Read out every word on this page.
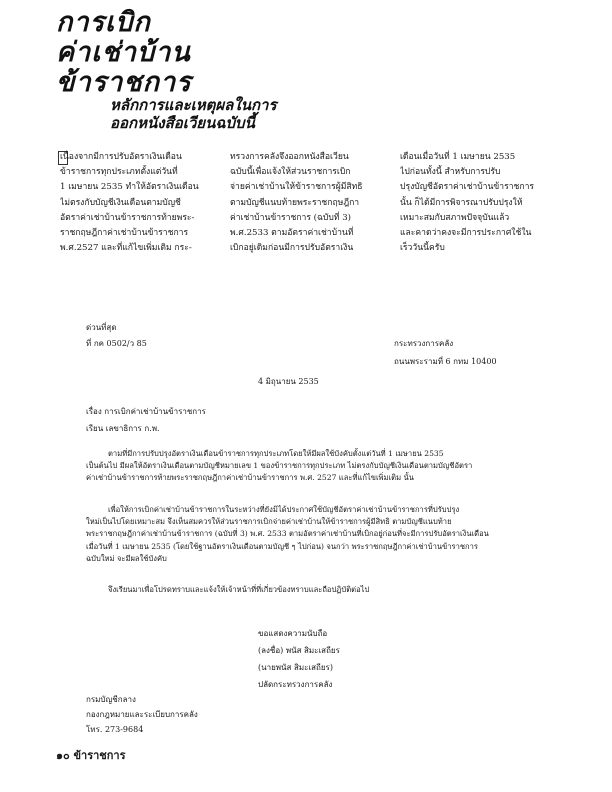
การเบิก
ค่าเช่าบ้าน
ข้าราชการ
หลักการและเหตุผลในการ
ออกหนังสือเวียนฉบับนี้
เนื่องจากมีการปรับอัตราเงินเดือน
ข้าราชการทุกประเภทตั้งแต่วันที่
1 เมษายน 2535 ทำให้อัตราเงินเดือน
ไม่ตรงกับบัญชีเงินเดือนตามบัญชี
อัตราค่าเช่าบ้านข้าราชการท้ายพระ-
ราชกฤษฎีกาค่าเช่าบ้านข้าราชการ
พ.ศ.2527 และที่แก้ไขเพิ่มเติม กระ-
ทรวงการคลังจึงออกหนังสือเวียน
ฉบับนี้เพื่อแจ้งให้ส่วนราชการเบิก
จ่ายค่าเช่าบ้านให้ข้าราชการผู้มีสิทธิ
ตามบัญชีแนบท้ายพระราชกฤษฎีกา
ค่าเช่าบ้านข้าราชการ (ฉบับที่ 3)
พ.ศ.2533 ตามอัตราค่าเช่าบ้านที่
เบิกอยู่เดิมก่อนมีการปรับอัตราเงิน
เดือนเมื่อวันที่ 1 เมษายน 2535
ไปก่อนทั้งนี้ สำหรับการปรับ
ปรุงบัญชีอัตราค่าเช่าบ้านข้าราชการ
นั้น ก็ได้มีการพิจารณาปรับปรุงให้
เหมาะสมกับสภาพปัจจุบันแล้ว
และคาดว่าคงจะมีการประกาศใช้ใน
เร็ววันนี้ครับ
ด่วนที่สุด
ที่ กค 0502/ว 85	กระทรวงการคลัง
ถนนพระรามที่ 6 กทม 10400
4 มิถุนายน 2535
เรื่อง การเบิกค่าเช่าบ้านข้าราชการ
เรียน เลขาธิการ ก.พ.
ตามที่มีการปรับปรุงอัตราเงินเดือนข้าราชการทุกประเภทโดยให้มีผลใช้บังคับตั้งแต่วันที่ 1 เมษายน 2535
เป็นต้นไป มีผลให้อัตราเงินเดือนตามบัญชีหมายเลข 1 ของข้าราชการทุกประเภท ไม่ตรงกับบัญชีเงินเดือนตามบัญชีอัตรา
ค่าเช่าบ้านข้าราชการท้ายพระราชกฤษฎีกาค่าเช่าบ้านข้าราชการ พ.ศ. 2527 และที่แก้ไขเพิ่มเติม นั้น
เพื่อให้การเบิกค่าเช่าบ้านข้าราชการในระหว่างที่ยังมิได้ประกาศใช้บัญชีอัตราค่าเช่าบ้านข้าราชการที่ปรับปรุง
ใหม่เป็นไปโดยเหมาะสม จึงเห็นสมควรให้ส่วนราชการเบิกจ่ายค่าเช่าบ้านให้ข้าราชการผู้มีสิทธิ ตามบัญชีแนบท้าย
พระราชกฤษฎีกาค่าเช่าบ้านข้าราชการ (ฉบับที่ 3) พ.ศ. 2533 ตามอัตราค่าเช่าบ้านที่เบิกอยู่ก่อนที่จะมีการปรับอัตราเงินเดือน
เมื่อวันที่ 1 เมษายน 2535 (โดยใช้ฐานอัตราเงินเดือนตามบัญชี ๆ ไปก่อน) จนกว่า พระราชกฤษฎีกาค่าเช่าบ้านข้าราชการ
ฉบับใหม่ จะมีผลใช้บังคับ
จึงเรียนมาเพื่อโปรดทราบและแจ้งให้เจ้าหน้าที่ที่เกี่ยวข้องทราบและถือปฏิบัติต่อไป
ขอแสดงความนับถือ
(ลงชื่อ) พนัส สิมะเสถียร
(นายพนัส สิมะเสถียร)
ปลัดกระทรวงการคลัง
กรมบัญชีกลาง
กองกฎหมายและระเบียบการคลัง
โทร. 273-9684
๑๐ ข้าราชการ
